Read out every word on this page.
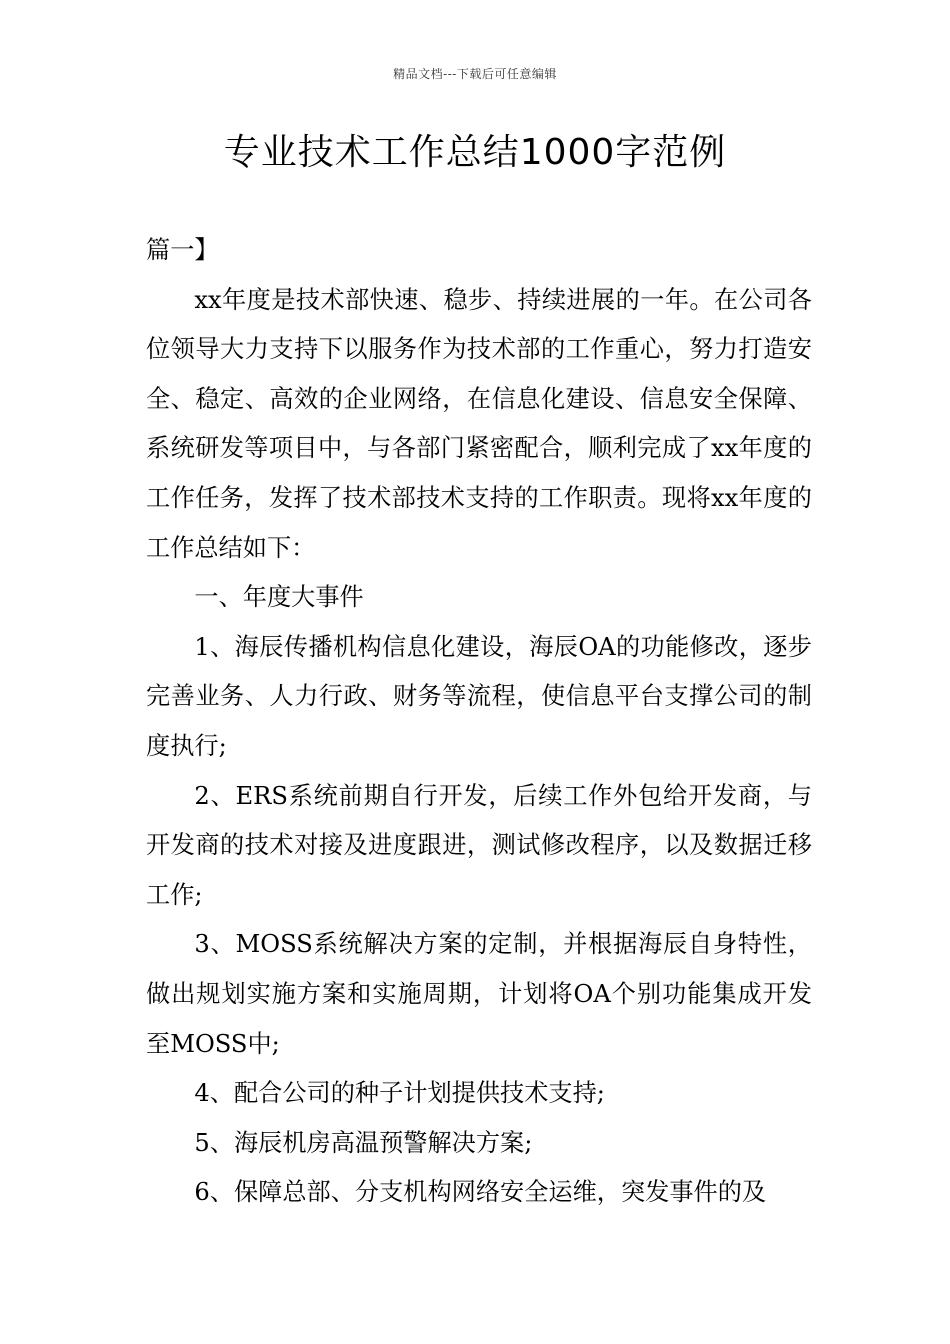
精品文档---下载后可任意编辑
专业技术工作总结1000字范例

篇一】

xx年度是技术部快速、稳步、持续进展的一年。在公司各位领导大力支持下以服务作为技术部的工作重心，努力打造安全、稳定、高效的企业网络，在信息化建设、信息安全保障、系统研发等项目中，与各部门紧密配合，顺利完成了xx年度的工作任务，发挥了技术部技术支持的工作职责。现将xx年度的工作总结如下：

一、年度大事件

1、海辰传播机构信息化建设，海辰OA的功能修改，逐步完善业务、人力行政、财务等流程，使信息平台支撑公司的制度执行;

2、ERS系统前期自行开发，后续工作外包给开发商，与开发商的技术对接及进度跟进，测试修改程序，以及数据迁移工作;

3、MOSS系统解决方案的定制，并根据海辰自身特性，做出规划实施方案和实施周期，计划将OA个别功能集成开发至MOSS中;

4、配合公司的种子计划提供技术支持;

5、海辰机房高温预警解决方案;

6、保障总部、分支机构网络安全运维，突发事件的及
